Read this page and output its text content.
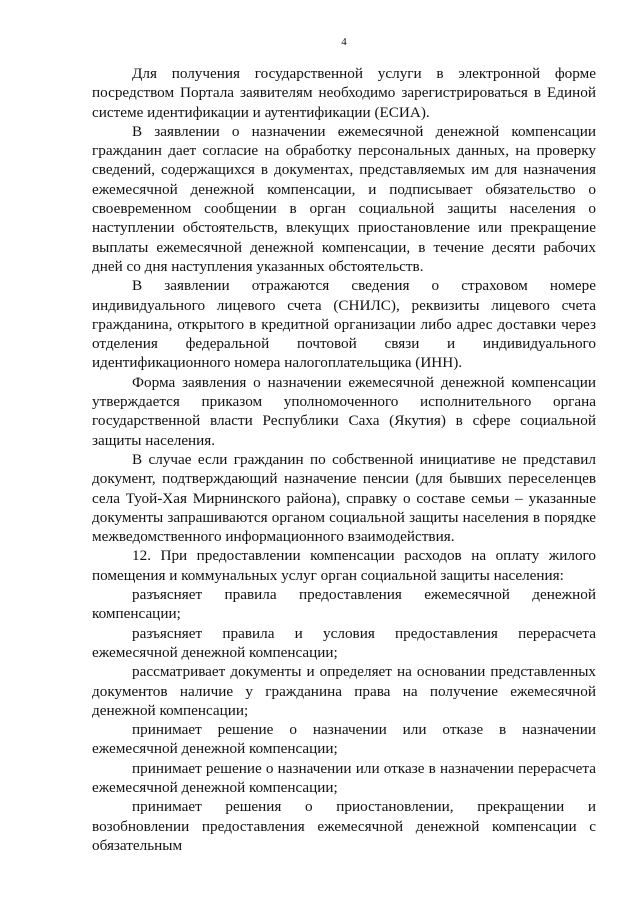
4

Для получения государственной услуги в электронной форме посредством Портала заявителям необходимо зарегистрироваться в Единой системе идентификации и аутентификации (ЕСИА).

В заявлении о назначении ежемесячной денежной компенсации гражданин дает согласие на обработку персональных данных, на проверку сведений, содержащихся в документах, представляемых им для назначения ежемесячной денежной компенсации, и подписывает обязательство о своевременном сообщении в орган социальной защиты населения о наступлении обстоятельств, влекущих приостановление или прекращение выплаты ежемесячной денежной компенсации, в течение десяти рабочих дней со дня наступления указанных обстоятельств.

В заявлении отражаются сведения о страховом номере индивидуального лицевого счета (СНИЛС), реквизиты лицевого счета гражданина, открытого в кредитной организации либо адрес доставки через отделения федеральной почтовой связи и индивидуального идентификационного номера налогоплательщика (ИНН).

Форма заявления о назначении ежемесячной денежной компенсации утверждается приказом уполномоченного исполнительного органа государственной власти Республики Саха (Якутия) в сфере социальной защиты населения.

В случае если гражданин по собственной инициативе не представил документ, подтверждающий назначение пенсии (для бывших переселенцев села Туой-Хая Мирнинского района), справку о составе семьи – указанные документы запрашиваются органом социальной защиты населения в порядке межведомственного информационного взаимодействия.

12. При предоставлении компенсации расходов на оплату жилого помещения и коммунальных услуг орган социальной защиты населения:

разъясняет правила предоставления ежемесячной денежной компенсации;

разъясняет правила и условия предоставления перерасчета ежемесячной денежной компенсации;

рассматривает документы и определяет на основании представленных документов наличие у гражданина права на получение ежемесячной денежной компенсации;

принимает решение о назначении или отказе в назначении ежемесячной денежной компенсации;

принимает решение о назначении или отказе в назначении перерасчета ежемесячной денежной компенсации;

принимает решения о приостановлении, прекращении и возобновлении предоставления ежемесячной денежной компенсации с обязательным
